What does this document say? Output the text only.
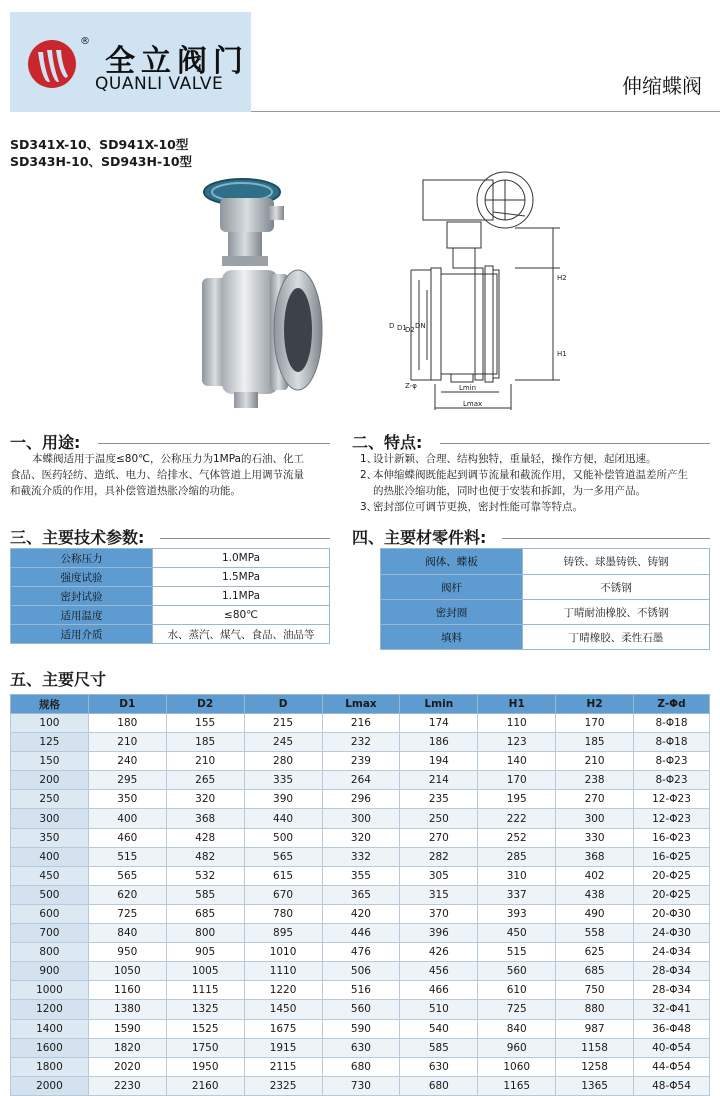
®
全立阀门
QUANLI VALVE	伸缩蝶阀
SD341X-10、SD941X-10型
SD343H-10、SD943H-10型
D D1
D2 DN
H2
H1
Z-φ	Lmin
Lmax
一、用途:
本蝶阀适用于温度≤80℃，公称压力为1MPa的石油、化工
食品、医药轻纺、造纸、电力、给排水、气体管道上用调节流量
和截流介质的作用，具补偿管道热胀冷缩的功能。
二、特点:
1、
设计新颖、合理、结构独特，重量轻，操作方便，起闭迅速。
2、
本伸缩蝶阀既能起到调节流量和截流作用，又能补偿管道温差所产生
的热胀冷缩功能，同时也便于安装和拆卸，为一多用产品。
3、
密封部位可调节更换，密封性能可靠等特点。
三、主要技术参数:
公称压力	1.0MPa
强度试验	1.5MPa
密封试验	1.1MPa
适用温度	≤80℃
适用介质	水、蒸汽、煤气、食品、油品等
四、主要材零件料:
阀体、蝶板	铸铁、球墨铸铁、铸钢
阀杆	不锈钢
密封圈	丁晴耐油橡胶、不锈钢
填料	丁晴橡胶、柔性石墨
五、主要尺寸
规格	D1	D2	D	Lmax	Lmin	H1	H2	Z-Φd
100	180	155	215	216	174	110	170	8-Φ18
125	210	185	245	232	186	123	185	8-Φ18
150	240	210	280	239	194	140	210	8-Φ23
200	295	265	335	264	214	170	238	8-Φ23
250	350	320	390	296	235	195	270	12-Φ23
300	400	368	440	300	250	222	300	12-Φ23
350	460	428	500	320	270	252	330	16-Φ23
400	515	482	565	332	282	285	368	16-Φ25
450	565	532	615	355	305	310	402	20-Φ25
500	620	585	670	365	315	337	438	20-Φ25
600	725	685	780	420	370	393	490	20-Φ30
700	840	800	895	446	396	450	558	24-Φ30
800	950	905	1010	476	426	515	625	24-Φ34
900	1050	1005	1110	506	456	560	685	28-Φ34
1000	1160	1115	1220	516	466	610	750	28-Φ34
1200	1380	1325	1450	560	510	725	880	32-Φ41
1400	1590	1525	1675	590	540	840	987	36-Φ48
1600	1820	1750	1915	630	585	960	1158	40-Φ54
1800	2020	1950	2115	680	630	1060	1258	44-Φ54
2000	2230	2160	2325	730	680	1165	1365	48-Φ54
